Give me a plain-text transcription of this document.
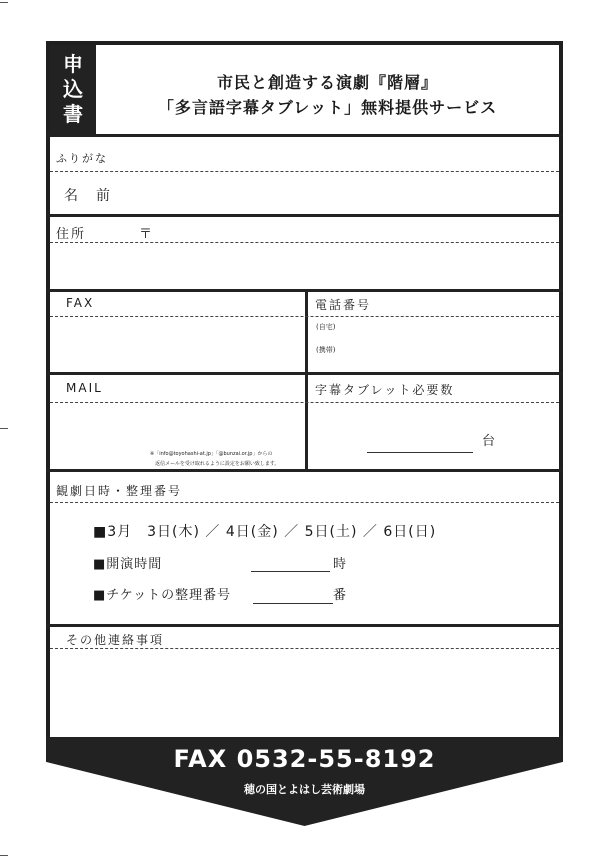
申
込
書
市民と創造する演劇『階層』
「多言語字幕タブレット」無料提供サービス
ふりがな
名　前
住所	〒
FAX	電話番号
(自宅)
(携帯)
MAIL	字幕タブレット必要数
※「info@toyohashi-at.jp」「@bunzai.or.jp」からの
返信メールを受け取れるように設定をお願い致します。
台
観劇日時・整理番号
■3月　3日(木) ／ 4日(金) ／ 5日(土) ／ 6日(日)
■開演時間	時
■チケットの整理番号	番
その他連絡事項
FAX 0532-55-8192
穂の国とよはし芸術劇場
